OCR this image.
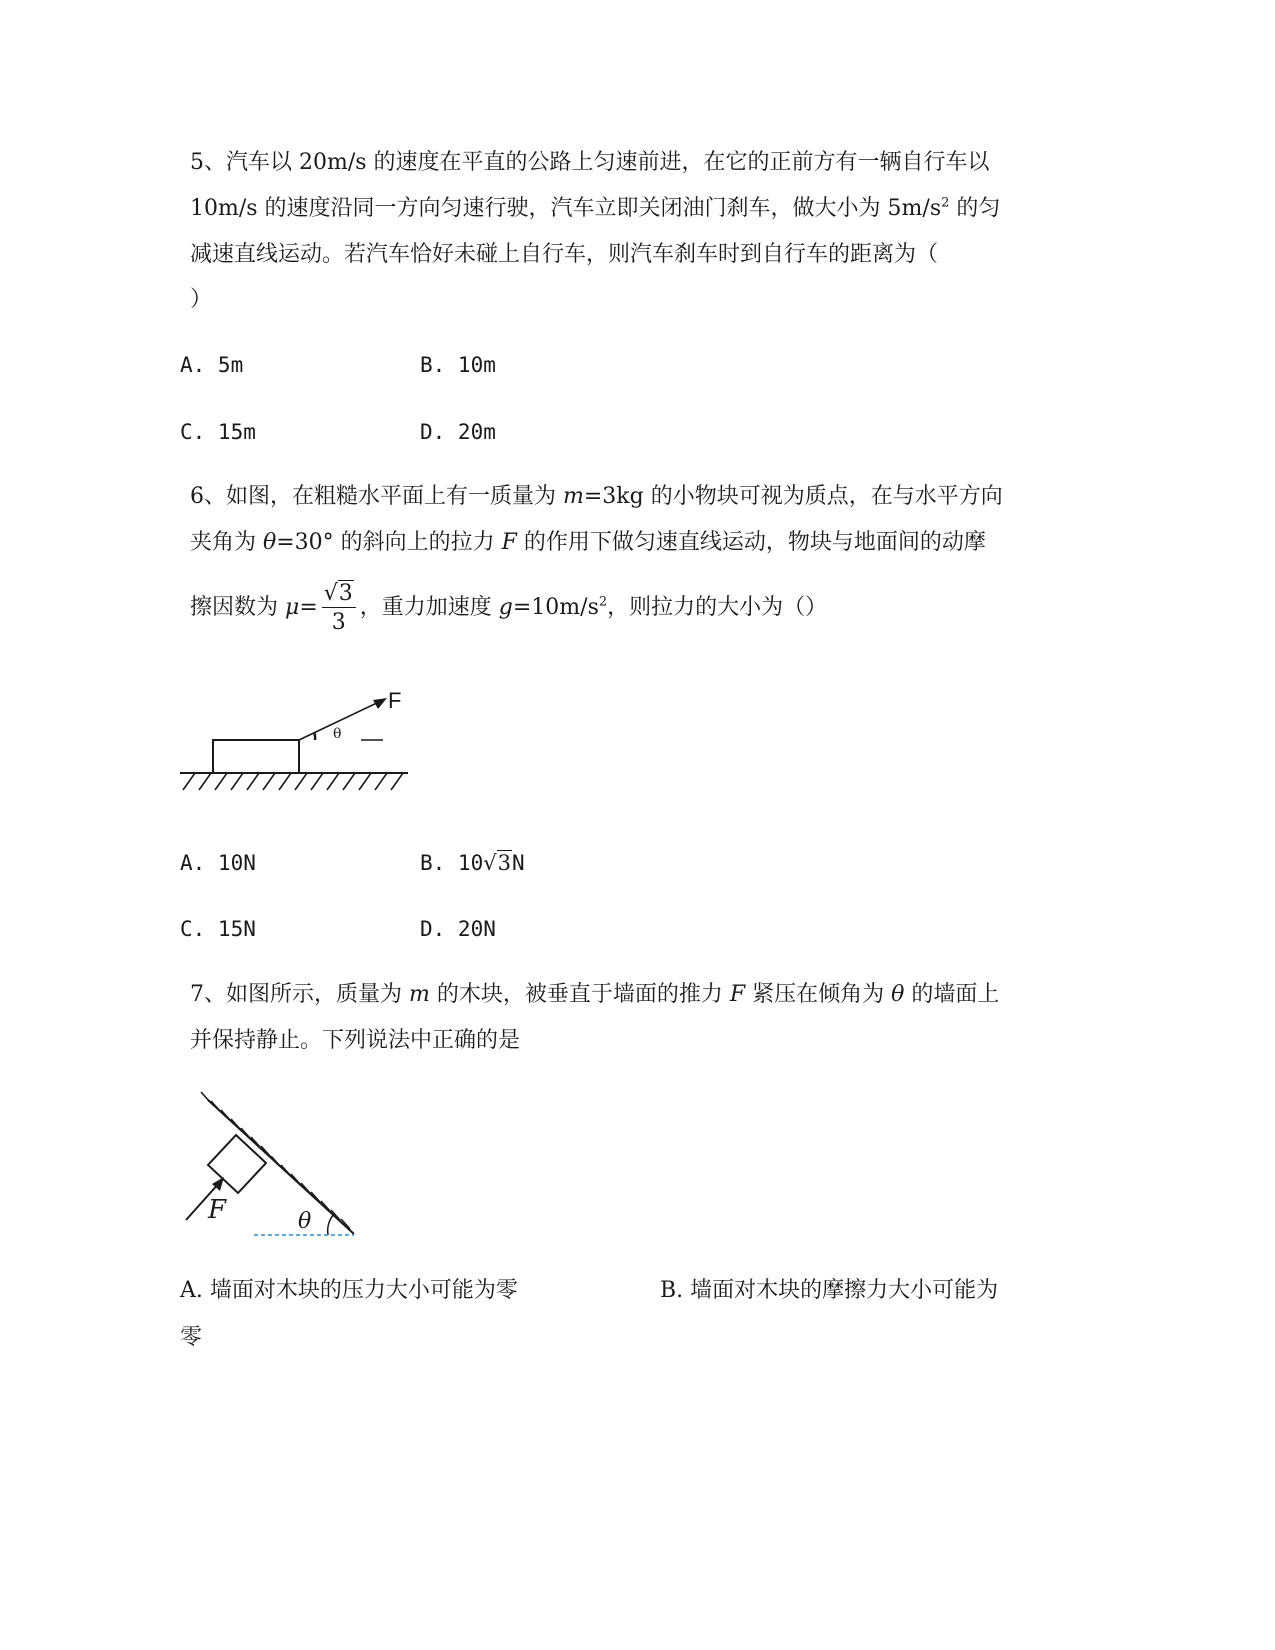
5、汽车以 20m/s 的速度在平直的公路上匀速前进，在它的正前方有一辆自行车以
10m/s 的速度沿同一方向匀速行驶，汽车立即关闭油门刹车，做大小为 $5m/s^2$ 的匀
减速直线运动。若汽车恰好未碰上自行车，则汽车刹车时到自行车的距离为（
）
A. 5m	B. 10m
C. 15m	D. 20m
6、如图，在粗糙水平面上有一质量为 m=3kg 的小物块可视为质点，在与水平方向
夹角为 θ=30° 的斜向上的拉力 F 的作用下做匀速直线运动，物块与地面间的动摩
擦因数为 $\mu= \frac{√3}{3}$ ，重力加速度 $g=10m/s^2$，则拉力的大小为（）
F
θ
A. 10N	B. 10√3N
C. 15N	D. 20N
7、如图所示，质量为 m 的木块，被垂直于墙面的推力 F 紧压在倾角为 θ 的墙面上
并保持静止。下列说法中正确的是
F	θ
A. 墙面对木块的压力大小可能为零	B. 墙面对木块的摩擦力大小可能为
零
